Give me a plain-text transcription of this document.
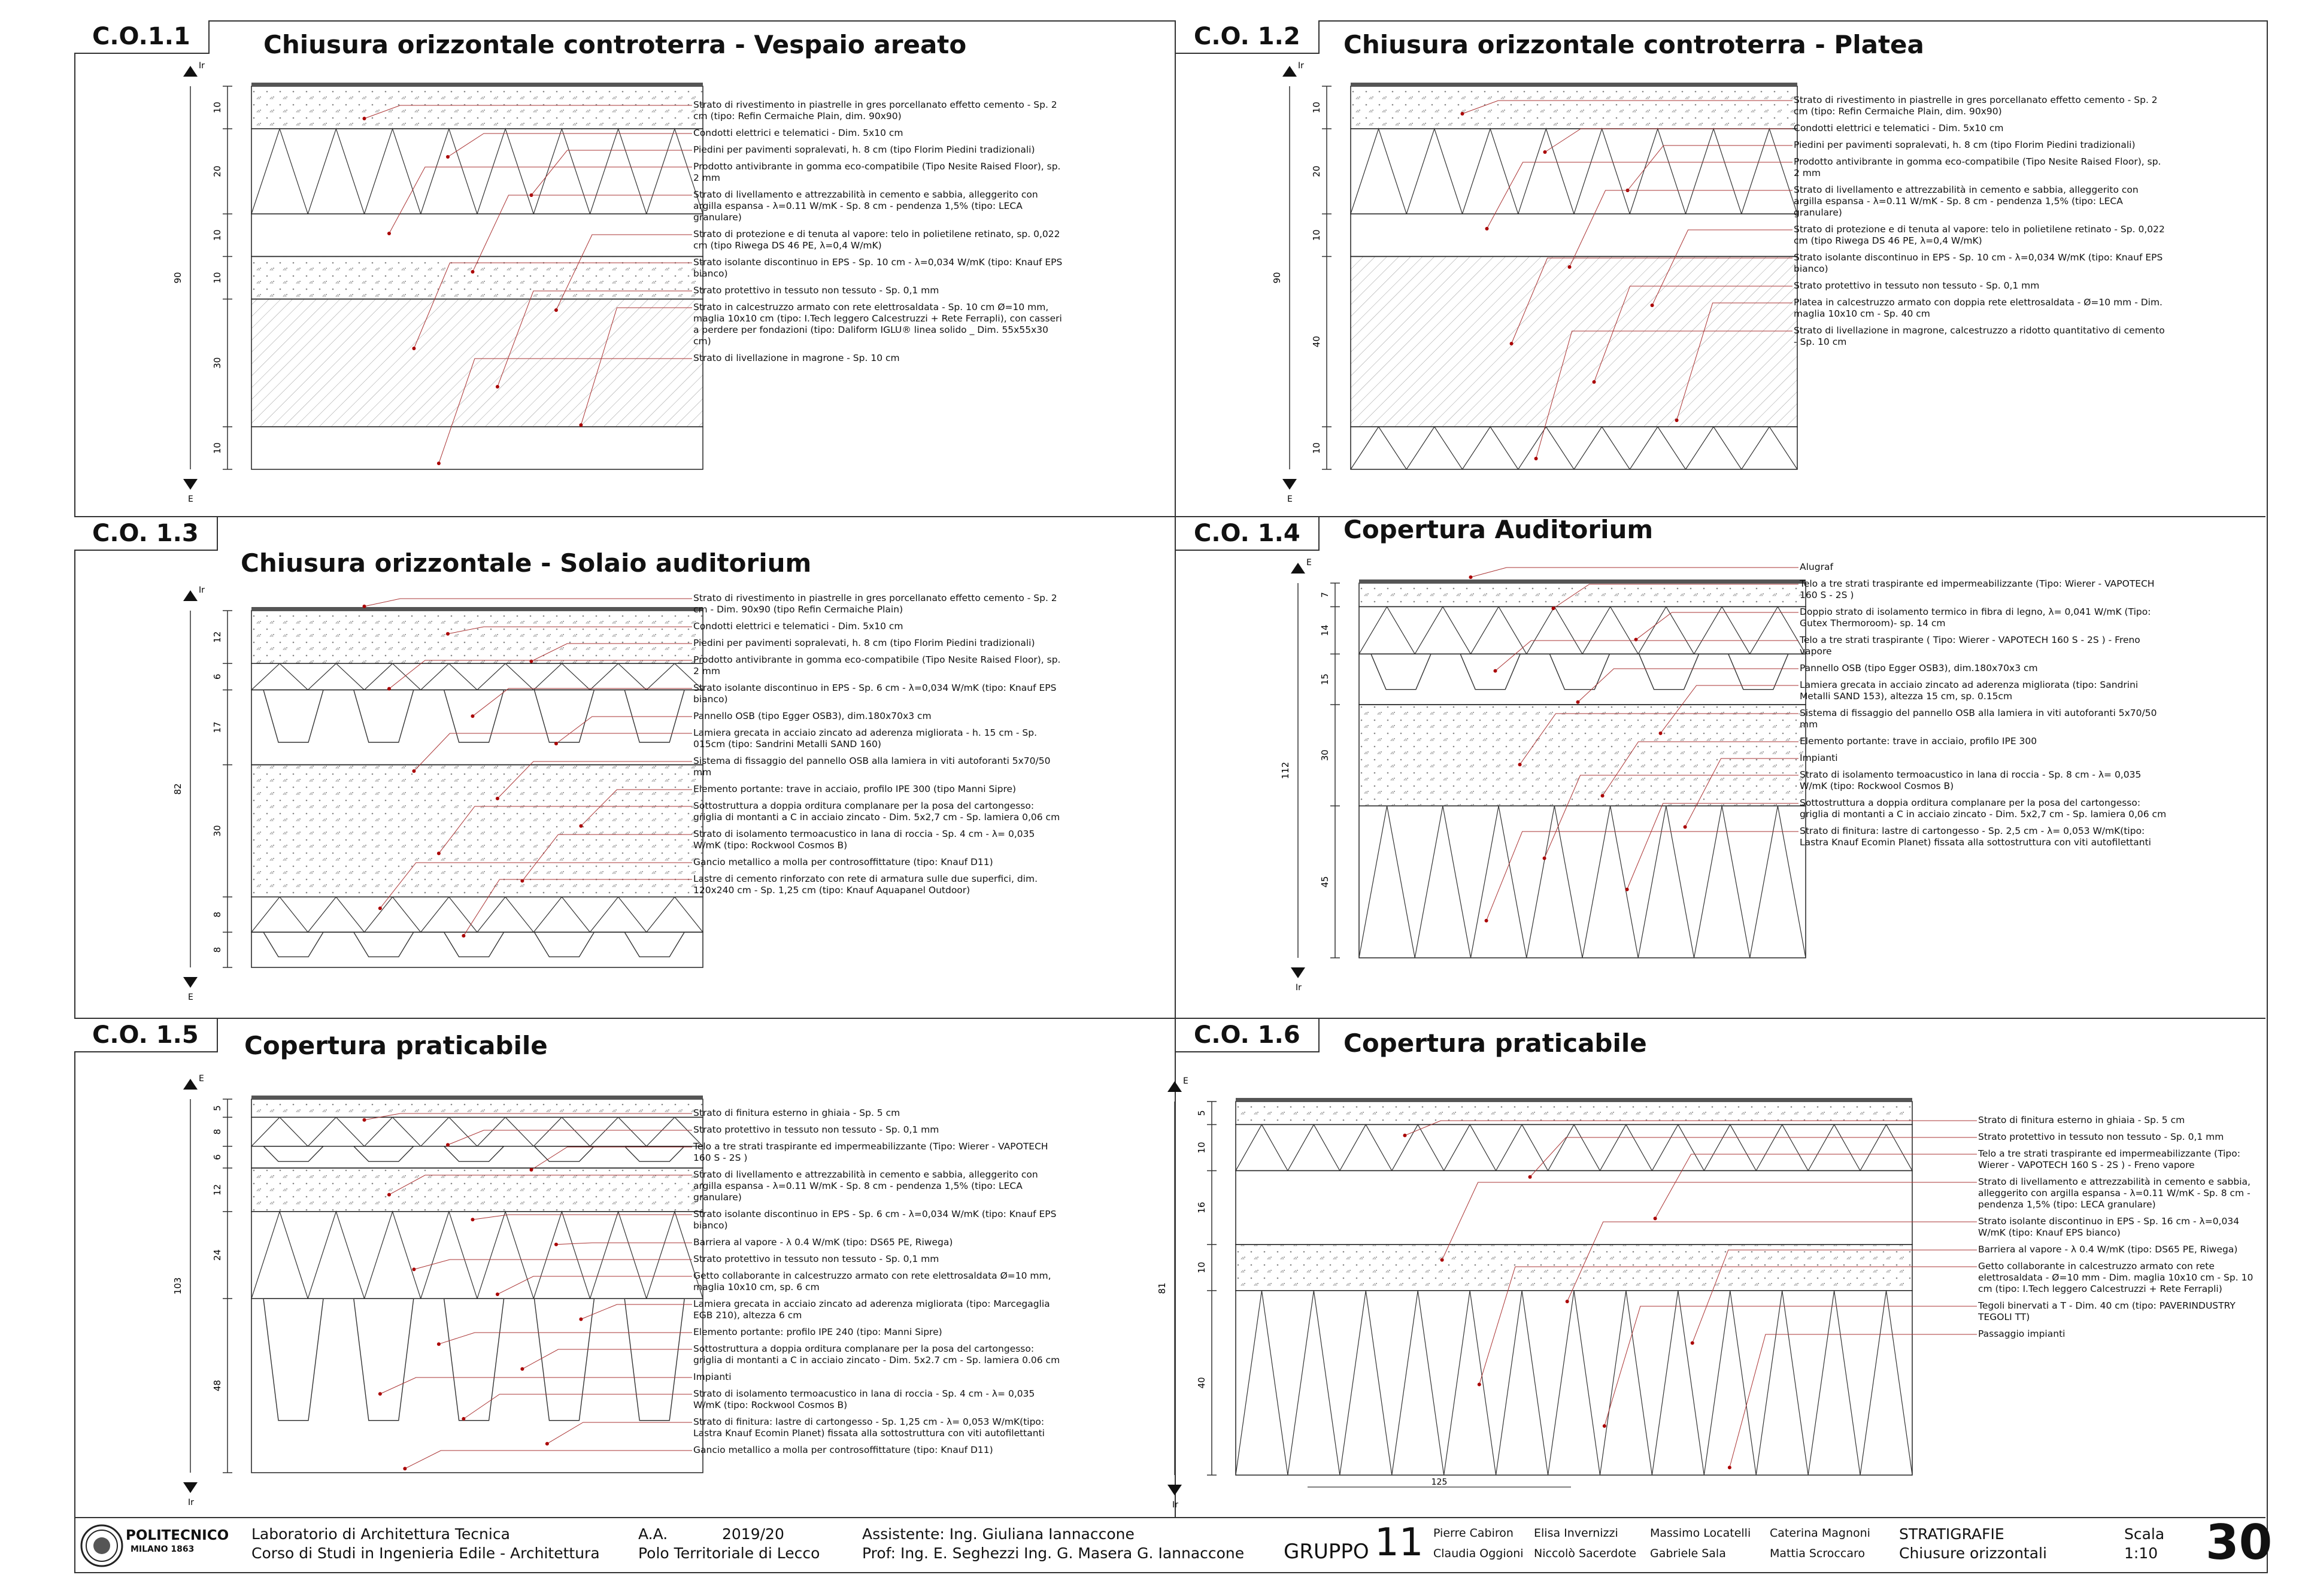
C.O.1.1	Chiusura orizzontale controterra - Vespaio areato
90
10
20
10
10
30
10
Ir
E
Strato di rivestimento in piastrelle in gres porcellanato effetto cemento - Sp. 2 cm (tipo: Refin Cermaiche Plain, dim. 90x90)
Condotti elettrici e telematici - Dim. 5x10 cm
Piedini per pavimenti sopralevati, h. 8 cm (tipo Florim Piedini tradizionali)
Prodotto antivibrante in gomma eco-compatibile (Tipo Nesite Raised Floor), sp. 2 mm
Strato di livellamento e attrezzabilità in cemento e sabbia, alleggerito con argilla espansa - λ=0.11 W/mK - Sp. 8 cm - pendenza 1,5% (tipo: LECA granulare)
Strato di protezione e di tenuta al vapore: telo in polietilene retinato, sp. 0,022 cm (tipo Riwega DS 46 PE, λ=0,4 W/mK)
Strato isolante discontinuo in EPS - Sp. 10 cm - λ=0,034 W/mK (tipo: Knauf EPS bianco)
Strato protettivo in tessuto non tessuto - Sp. 0,1 mm
Strato in calcestruzzo armato con rete elettrosaldata - Sp. 10 cm Ø=10 mm, maglia 10x10 cm (tipo: I.Tech leggero Calcestruzzi + Rete Ferrapli), con casseri a perdere per fondazioni (tipo: Daliform IGLU® linea solido _ Dim. 55x55x30 cm)
Strato di livellazione in magrone - Sp. 10 cm
C.O. 1.2	Chiusura orizzontale controterra - Platea
90
10
20
10
40
10
Ir
E
Strato di rivestimento in piastrelle in gres porcellanato effetto cemento - Sp. 2 cm (tipo: Refin Cermaiche Plain, dim. 90x90)
Condotti elettrici e telematici - Dim. 5x10 cm
Piedini per pavimenti sopralevati, h. 8 cm (tipo Florim Piedini tradizionali)
Prodotto antivibrante in gomma eco-compatibile (Tipo Nesite Raised Floor), sp. 2 mm
Strato di livellamento e attrezzabilità in cemento e sabbia, alleggerito con argilla espansa - λ=0.11 W/mK - Sp. 8 cm - pendenza 1,5% (tipo: LECA granulare)
Strato di protezione e di tenuta al vapore: telo in polietilene retinato - Sp. 0,022 cm (tipo Riwega DS 46 PE, λ=0,4 W/mK)
Strato isolante discontinuo in EPS - Sp. 10 cm - λ=0,034 W/mK (tipo: Knauf EPS bianco)
Strato protettivo in tessuto non tessuto - Sp. 0,1 mm
Platea in calcestruzzo armato con doppia rete elettrosaldata - Ø=10 mm - Dim. maglia 10x10 cm - Sp. 40 cm
Strato di livellazione in magrone, calcestruzzo a ridotto quantitativo di cemento - Sp. 10 cm
C.O. 1.3
Chiusura orizzontale - Solaio auditorium
82
12
6
17
30
8
8
Ir
E
Strato di rivestimento in piastrelle in gres porcellanato effetto cemento - Sp. 2 cm - Dim. 90x90 (tipo Refin Cermaiche Plain)
Condotti elettrici e telematici - Dim. 5x10 cm
Piedini per pavimenti sopralevati, h. 8 cm (tipo Florim Piedini tradizionali)
Prodotto antivibrante in gomma eco-compatibile (Tipo Nesite Raised Floor), sp. 2 mm
Strato isolante discontinuo in EPS - Sp. 6 cm - λ=0,034 W/mK (tipo: Knauf EPS bianco)
Pannello OSB (tipo Egger OSB3), dim.180x70x3 cm
Lamiera grecata in acciaio zincato ad aderenza migliorata - h. 15 cm - Sp. 015cm (tipo: Sandrini Metalli SAND 160)
Sistema di fissaggio del pannello OSB alla lamiera in viti autoforanti 5x70/50 mm
Elemento portante: trave in acciaio, profilo IPE 300 (tipo Manni Sipre)
Sottostruttura a doppia orditura complanare per la posa del cartongesso: griglia di montanti a C in acciaio zincato - Dim. 5x2,7 cm - Sp. lamiera 0,06 cm
Strato di isolamento termoacustico in lana di roccia - Sp. 4 cm - λ= 0,035 W/mK (tipo: Rockwool Cosmos B)
Gancio metallico a molla per controsoffittature (tipo: Knauf D11)
Lastre di cemento rinforzato con rete di armatura sulle due superfici, dim. 120x240 cm - Sp. 1,25 cm (tipo: Knauf Aquapanel Outdoor)
C.O. 1.4	Copertura Auditorium
112
7
14
15
30
45
E
Ir
Alugraf
Telo a tre strati traspirante ed impermeabilizzante (Tipo: Wierer - VAPOTECH 160 S - 2S )
Doppio strato di isolamento termico in fibra di legno, λ= 0,041 W/mK (Tipo: Gutex Thermoroom)- sp. 14 cm
Telo a tre strati traspirante ( Tipo: Wierer - VAPOTECH 160 S - 2S ) - Freno vapore
Pannello OSB (tipo Egger OSB3), dim.180x70x3 cm
Lamiera grecata in acciaio zincato ad aderenza migliorata (tipo: Sandrini Metalli SAND 153), altezza 15 cm, sp. 0.15cm
Sistema di fissaggio del pannello OSB alla lamiera in viti autoforanti 5x70/50 mm
Elemento portante: trave in acciaio, profilo IPE 300
Impianti
Strato di isolamento termoacustico in lana di roccia - Sp. 8 cm - λ= 0,035 W/mK (tipo: Rockwool Cosmos B)
Sottostruttura a doppia orditura complanare per la posa del cartongesso: griglia di montanti a C in acciaio zincato - Dim. 5x2,7 cm - Sp. lamiera 0,06 cm
Strato di finitura: lastre di cartongesso - Sp. 2,5 cm - λ= 0,053 W/mK(tipo: Lastra Knauf Ecomin Planet) fissata alla sottostruttura con viti autofilettanti
C.O. 1.5	Copertura praticabile
103
5
8
6
12
24
48
E
Ir
Strato di finitura esterno in ghiaia - Sp. 5 cm
Strato protettivo in tessuto non tessuto - Sp. 0,1 mm
Telo a tre strati traspirante ed impermeabilizzante (Tipo: Wierer - VAPOTECH 160 S - 2S )
Strato di livellamento e attrezzabilità in cemento e sabbia, alleggerito con argilla espansa - λ=0.11 W/mK - Sp. 8 cm - pendenza 1,5% (tipo: LECA granulare)
Strato isolante discontinuo in EPS - Sp. 6 cm - λ=0,034 W/mK (tipo: Knauf EPS bianco)
Barriera al vapore - λ 0.4 W/mK (tipo: DS65 PE, Riwega)
Strato protettivo in tessuto non tessuto - Sp. 0,1 mm
Getto collaborante in calcestruzzo armato con rete elettrosaldata Ø=10 mm, maglia 10x10 cm, sp. 6 cm
Lamiera grecata in acciaio zincato ad aderenza migliorata (tipo: Marcegaglia EGB 210), altezza 6 cm
Elemento portante: profilo IPE 240 (tipo: Manni Sipre)
Sottostruttura a doppia orditura complanare per la posa del cartongesso: griglia di montanti a C in acciaio zincato - Dim. 5x2.7 cm - Sp. lamiera 0.06 cm
Impianti
Strato di isolamento termoacustico in lana di roccia - Sp. 4 cm - λ= 0,035 W/mK (tipo: Rockwool Cosmos B)
Strato di finitura: lastre di cartongesso - Sp. 1,25 cm - λ= 0,053 W/mK(tipo: Lastra Knauf Ecomin Planet) fissata alla sottostruttura con viti autofilettanti
Gancio metallico a molla per controsoffittature (tipo: Knauf D11)
C.O. 1.6	Copertura praticabile
81
5
10
16
10
40
E
Ir
125
Strato di finitura esterno in ghiaia - Sp. 5 cm
Strato protettivo in tessuto non tessuto - Sp. 0,1 mm
Telo a tre strati traspirante ed impermeabilizzante (Tipo: Wierer - VAPOTECH 160 S - 2S ) - Freno vapore
Strato di livellamento e attrezzabilità in cemento e sabbia, alleggerito con argilla espansa - λ=0.11 W/mK - Sp. 8 cm - pendenza 1,5% (tipo: LECA granulare)
Strato isolante discontinuo in EPS - Sp. 16 cm - λ=0,034 W/mK (tipo: Knauf EPS bianco)
Barriera al vapore - λ 0.4 W/mK (tipo: DS65 PE, Riwega)
Getto collaborante in calcestruzzo armato con rete elettrosaldata - Ø=10 mm - Dim. maglia 10x10 cm - Sp. 10 cm (tipo: I.Tech leggero Calcestruzzi + Rete Ferrapli)
Tegoli binervati a T - Dim. 40 cm (tipo: PAVERINDUSTRY TEGOLI TT)
Passaggio impianti
POLITECNICO
MILANO 1863
Laboratorio di Architettura Tecnica
Corso di Studi in Ingenieria Edile - Architettura
A.A.	2019/20
Polo Territoriale di Lecco
Assistente: Ing. Giuliana Iannaccone
Prof: Ing. E. Seghezzi Ing. G. Masera G. Iannaccone GRUPPO 11 Pierre Cabiron Elisa Invernizzi	Massimo Locatelli Caterina Magnoni
Claudia Oggioni Niccolò Sacerdote Gabriele Sala	Mattia Scroccaro
STRATIGRAFIE
Chiusure orizzontali
Scala
1:10 30
